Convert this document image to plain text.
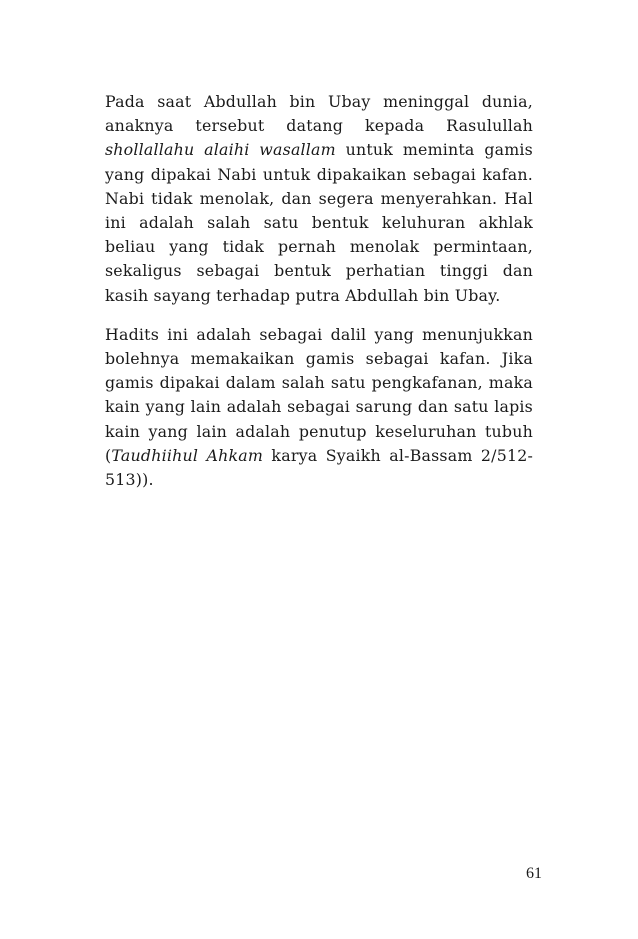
Pada saat Abdullah bin Ubay meninggal dunia, anaknya tersebut datang kepada Rasulullah shollallahu alaihi wasallam untuk meminta gamis yang dipakai Nabi untuk dipakaikan sebagai kafan. Nabi tidak menolak, dan segera menyerahkan. Hal ini adalah salah satu bentuk keluhuran akhlak beliau yang tidak pernah menolak permintaan, sekaligus sebagai bentuk perhatian tinggi dan kasih sayang terhadap putra Abdullah bin Ubay.

Hadits ini adalah sebagai dalil yang menunjukkan bolehnya memakaikan gamis sebagai kafan. Jika gamis dipakai dalam salah satu pengkafanan, maka kain yang lain adalah sebagai sarung dan satu lapis kain yang lain adalah penutup keseluruhan tubuh (Taudhiihul Ahkam karya Syaikh al-Bassam 2/512-513)).

61
